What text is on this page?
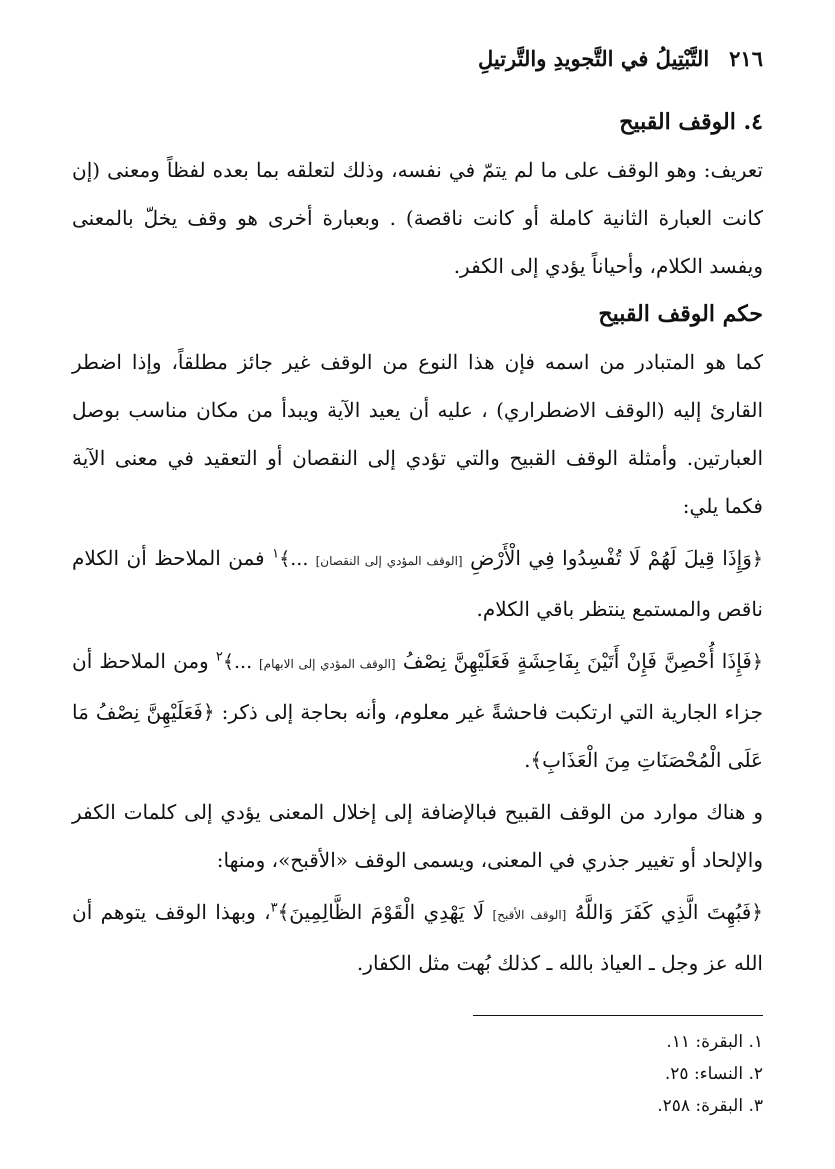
٢١٦
التَّبْتِيلُ في التَّجويدِ والتَّرتيلِ

٤. الوقف القبيح

تعريف: وهو الوقف على ما لم يتمّ في نفسه، وذلك لتعلقه بما بعده لفظاً ومعنى (إن كانت العبارة الثانية كاملة أو كانت ناقصة) . وبعبارة أخرى هو وقف يخلّ بالمعنى ويفسد الكلام، وأحياناً يؤدي إلى الكفر.

حكم الوقف القبيح

كما هو المتبادر من اسمه فإن هذا النوع من الوقف غير جائز مطلقاً، وإذا اضطر القارئ إليه (الوقف الاضطراري) ، عليه أن يعيد الآية ويبدأ من مكان مناسب بوصل العبارتين. وأمثلة الوقف القبيح والتي تؤدي إلى النقصان أو التعقيد في معنى الآية فكما يلي:

﴿وَإِذَا قِيلَ لَهُمْ لَا تُفْسِدُوا فِي الْأَرْضِ [الوقف المؤدي إلى النقصان] ...﴾$^١$ فمن الملاحظ أن الكلام ناقص والمستمع ينتظر باقي الكلام.

﴿فَإِذَا أُحْصِنَّ فَإِنْ أَتَيْنَ بِفَاحِشَةٍ فَعَلَيْهِنَّ نِصْفُ [الوقف المؤدي إلى الابهام] ...﴾$^٢$ ومن الملاحظ أن جزاء الجارية التي ارتكبت فاحشةً غير معلوم، وأنه بحاجة إلى ذكر: ﴿فَعَلَيْهِنَّ نِصْفُ مَا عَلَى الْمُحْصَنَاتِ مِنَ الْعَذَابِ﴾.

و هناك موارد من الوقف القبيح فبالإضافة إلى إخلال المعنى يؤدي إلى كلمات الكفر والإلحاد أو تغيير جذري في المعنى، ويسمى الوقف «الأقبح»، ومنها:

﴿فَبُهِتَ الَّذِي كَفَرَ وَاللَّهُ [الوقف الأقبح] لَا يَهْدِي الْقَوْمَ الظَّالِمِينَ﴾$^٣$، وبهذا الوقف يتوهم أن الله عز وجل ـ العياذ بالله ـ كذلك بُهت مثل الكفار.

١. البقرة: ١١.

٢. النساء: ٢٥.

٣. البقرة: ٢٥٨.
